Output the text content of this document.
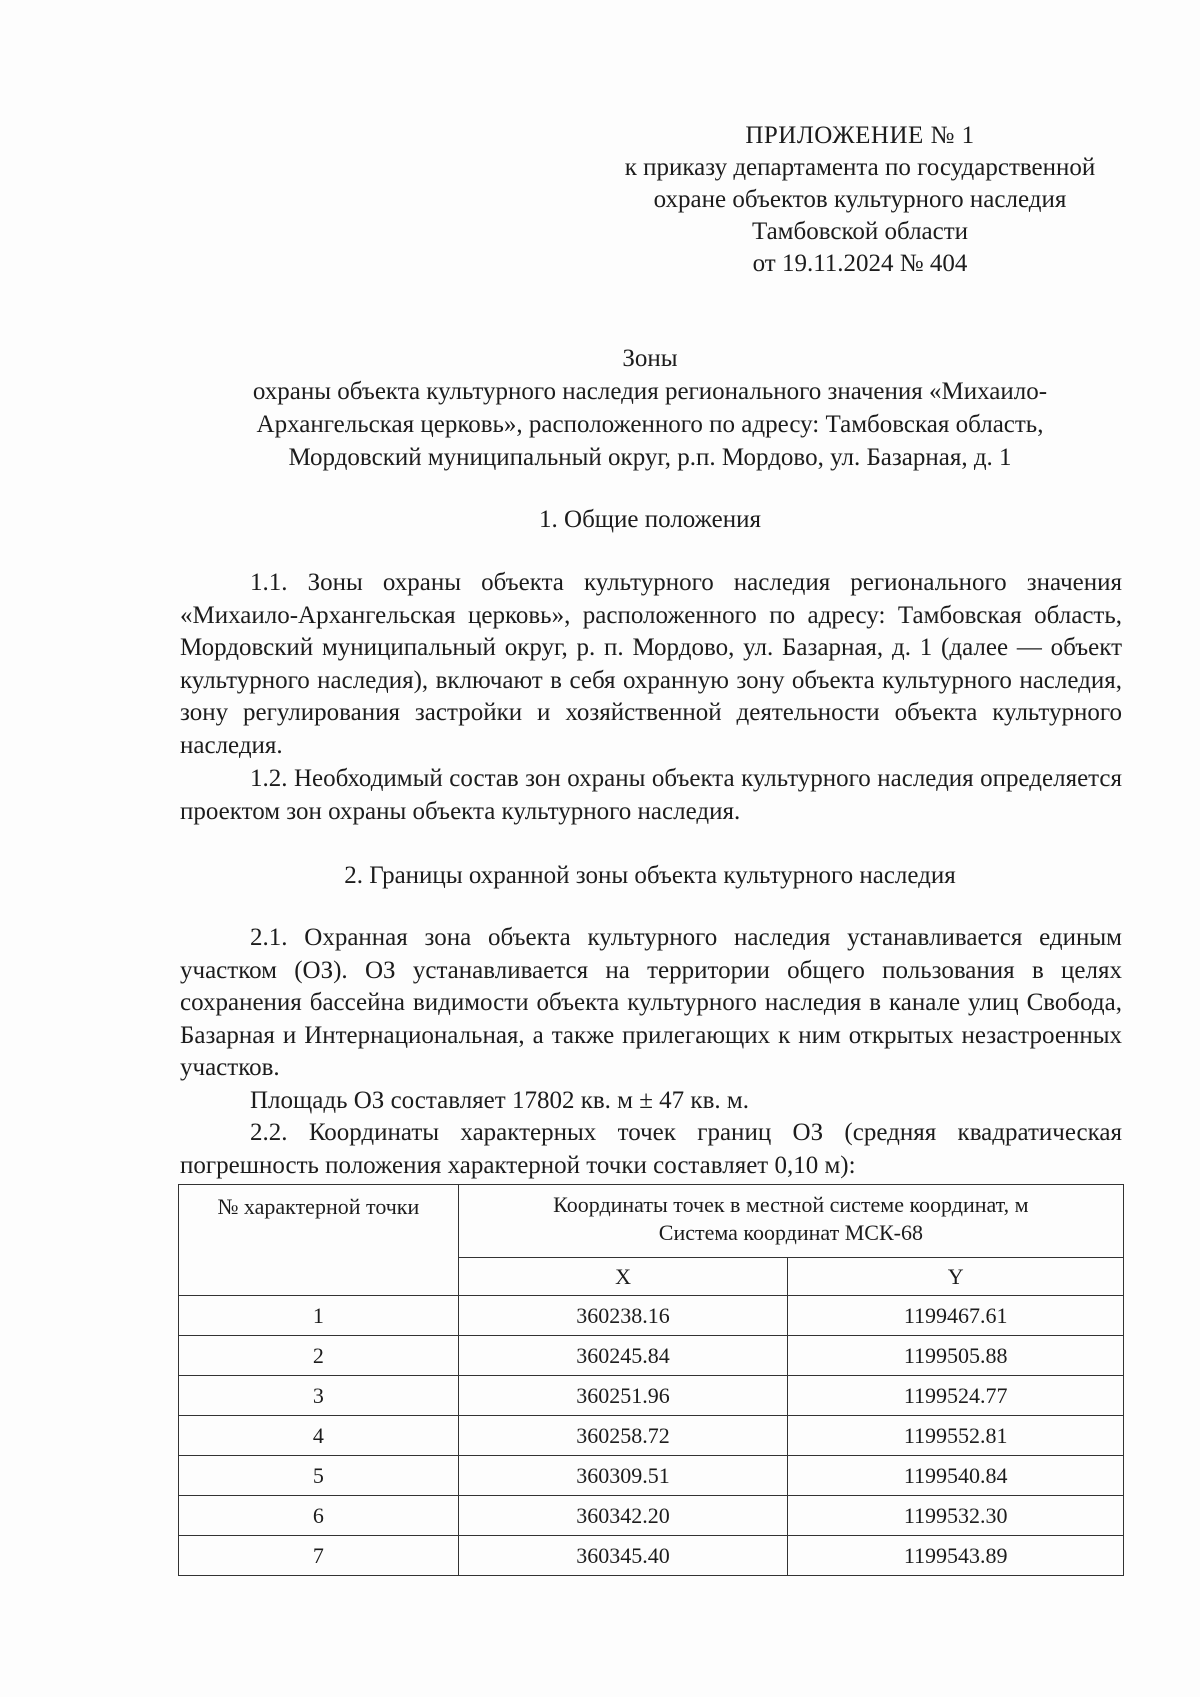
ПРИЛОЖЕНИЕ № 1
к приказу департамента по государственной
охране объектов культурного наследия
Тамбовской области
от 19.11.2024 № 404
Зоны
охраны объекта культурного наследия регионального значения «Михаило-
Архангельская церковь», расположенного по адресу: Тамбовская область,
Мордовский муниципальный округ, р.п. Мордово, ул. Базарная, д. 1
1. Общие положения
1.1. Зоны охраны объекта культурного наследия регионального значения «Михаило-Архангельская церковь», расположенного по адресу: Тамбовская область, Мордовский муниципальный округ, р. п. Мордово, ул. Базарная, д. 1 (далее — объект культурного наследия), включают в себя охранную зону объекта культурного наследия, зону регулирования застройки и хозяйственной деятельности объекта культурного наследия.
1.2. Необходимый состав зон охраны объекта культурного наследия определяется проектом зон охраны объекта культурного наследия.
2. Границы охранной зоны объекта культурного наследия
2.1. Охранная зона объекта культурного наследия устанавливается единым участком (ОЗ). ОЗ устанавливается на территории общего пользования в целях сохранения бассейна видимости объекта культурного наследия в канале улиц Свобода, Базарная и Интернациональная, а также прилегающих к ним открытых незастроенных участков.
Площадь ОЗ составляет 17802 кв. м ± 47 кв. м.
2.2. Координаты характерных точек границ ОЗ (средняя квадратическая погрешность положения характерной точки составляет 0,10 м):
№ характерной точки	Координаты точек в местной системе координат, м
Система координат МСК-68	

	X	Y
1	360238.16	1199467.61
2	360245.84	1199505.88
3	360251.96	1199524.77
4	360258.72	1199552.81
5	360309.51	1199540.84
6	360342.20	1199532.30
7	360345.40	1199543.89
